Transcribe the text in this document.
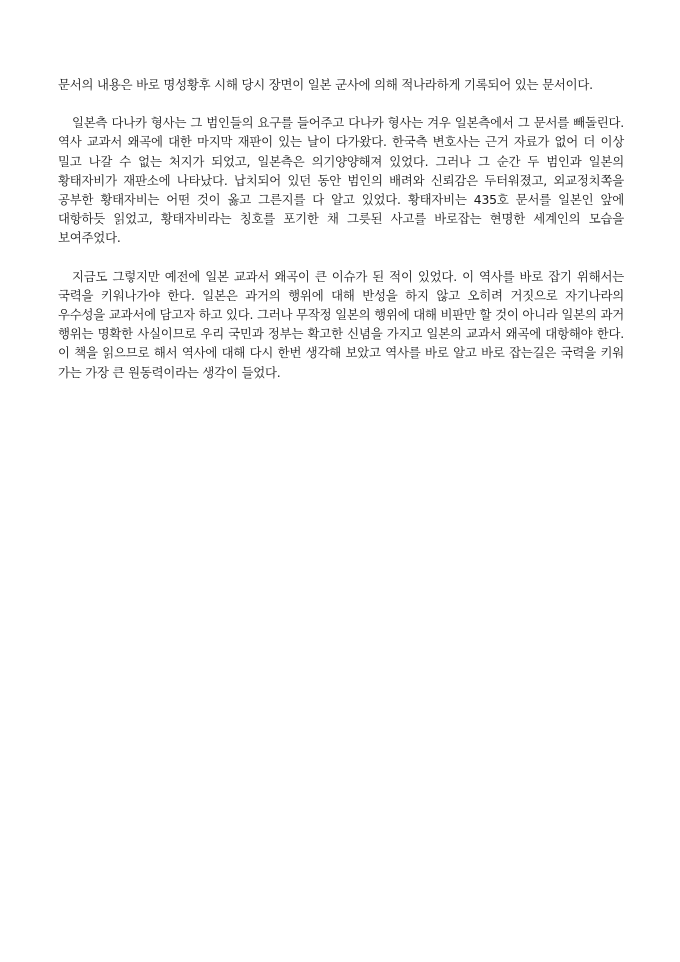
문서의 내용은 바로 명성황후 시해 당시 장면이 일본 군사에 의해 적나라하게 기록되어 있는 문서이다.

일본측 다나카 형사는 그 범인들의 요구를 들어주고 다나카 형사는 겨우 일본측에서 그 문서를 빼돌린다. 역사 교과서 왜곡에 대한 마지막 재판이 있는 날이 다가왔다. 한국측 변호사는 근거 자료가 없어 더 이상 밀고 나갈 수 없는 처지가 되었고, 일본측은 의기양양해져 있었다. 그러나 그 순간 두 범인과 일본의 황태자비가 재판소에 나타났다. 납치되어 있던 동안 범인의 배려와 신뢰감은 두터워졌고, 외교정치쪽을 공부한 황태자비는 어떤 것이 옳고 그른지를 다 알고 있었다. 황태자비는 435호 문서를 일본인 앞에 대항하듯 읽었고, 황태자비라는 칭호를 포기한 채 그릇된 사고를 바로잡는 현명한 세계인의 모습을 보여주었다.

지금도 그렇지만 예전에 일본 교과서 왜곡이 큰 이슈가 된 적이 있었다. 이 역사를 바로 잡기 위해서는 국력을 키워나가야 한다. 일본은 과거의 행위에 대해 반성을 하지 않고 오히려 거짓으로 자기나라의 우수성을 교과서에 담고자 하고 있다. 그러나 무작정 일본의 행위에 대해 비판만 할 것이 아니라 일본의 과거 행위는 명확한 사실이므로 우리 국민과 정부는 확고한 신념을 가지고 일본의 교과서 왜곡에 대항해야 한다. 이 책을 읽으므로 해서 역사에 대해 다시 한번 생각해 보았고 역사를 바로 알고 바로 잡는길은 국력을 키워 가는 가장 큰 원동력이라는 생각이 들었다.
